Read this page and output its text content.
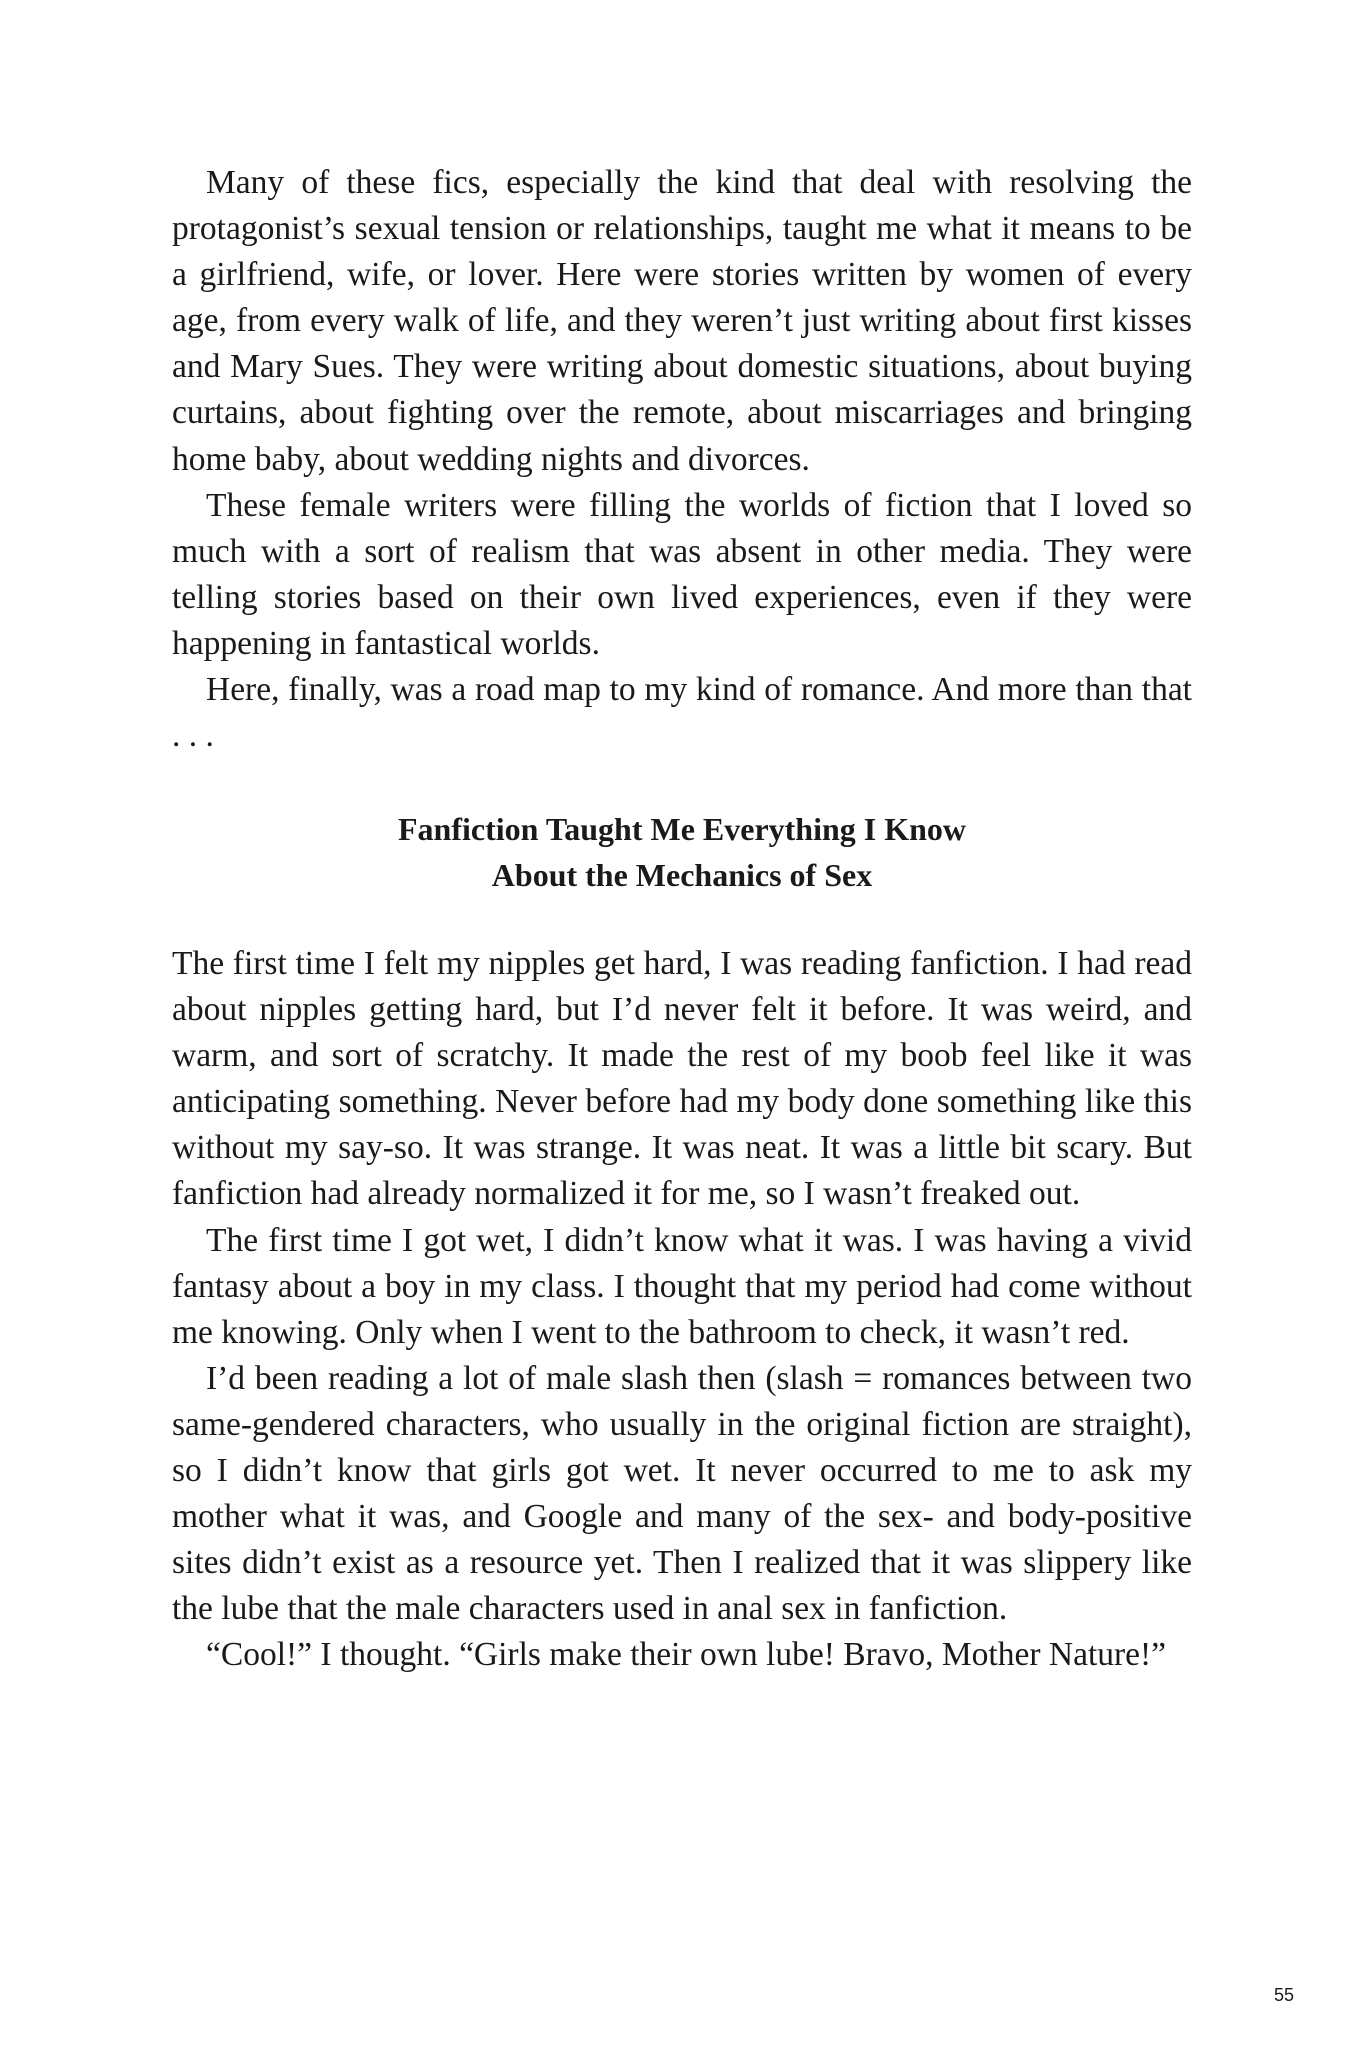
Many of these fics, especially the kind that deal with resolving the protagonist’s sexual tension or relationships, taught me what it means to be a girlfriend, wife, or lover. Here were stories written by women of every age, from every walk of life, and they weren’t just writing about first kisses and Mary Sues. They were writing about domestic situations, about buying curtains, about fighting over the remote, about miscarriages and bringing home baby, about wedding nights and divorces.

These female writers were filling the worlds of fiction that I loved so much with a sort of realism that was absent in other media. They were telling stories based on their own lived experiences, even if they were happening in fantastical worlds.

Here, finally, was a road map to my kind of romance. And more than that . . .

Fanfiction Taught Me Everything I Know
About the Mechanics of Sex

The first time I felt my nipples get hard, I was reading fanfiction. I had read about nipples getting hard, but I’d never felt it before. It was weird, and warm, and sort of scratchy. It made the rest of my boob feel like it was anticipating something. Never before had my body done something like this without my say-so. It was strange. It was neat. It was a little bit scary. But fanfiction had already normalized it for me, so I wasn’t freaked out.

The first time I got wet, I didn’t know what it was. I was having a vivid fantasy about a boy in my class. I thought that my period had come without me knowing. Only when I went to the bathroom to check, it wasn’t red.

I’d been reading a lot of male slash then (slash = romances between two same-gendered characters, who usually in the original fiction are straight), so I didn’t know that girls got wet. It never occurred to me to ask my mother what it was, and Google and many of the sex- and body-positive sites didn’t exist as a resource yet. Then I realized that it was slippery like the lube that the male characters used in anal sex in fanfiction.

“Cool!” I thought. “Girls make their own lube! Bravo, Mother Nature!”

55
